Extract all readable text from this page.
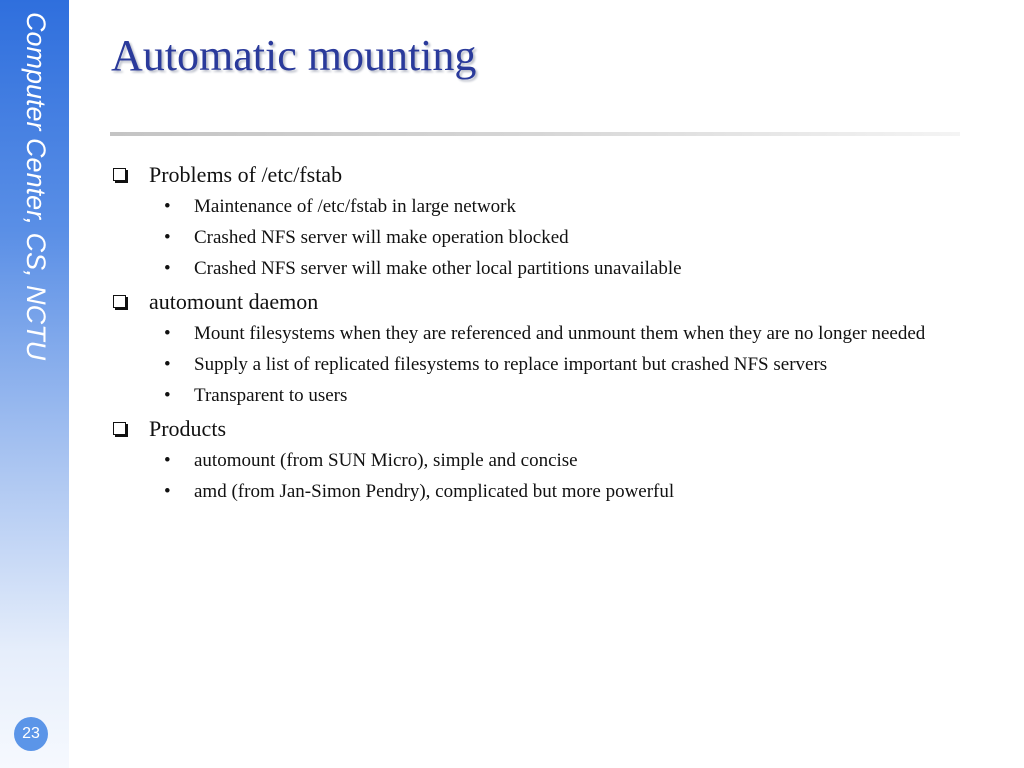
Computer Center, CS, NCTU
23
Automatic mounting
Problems of /etc/fstab
• Maintenance of /etc/fstab in large network
• Crashed NFS server will make operation blocked
• Crashed NFS server will make other local partitions unavailable
automount daemon
• Mount filesystems when they are referenced and unmount them when they are no longer needed
• Supply a list of replicated filesystems to replace important but crashed NFS servers
• Transparent to users
Products
• automount (from SUN Micro), simple and concise
• amd (from Jan-Simon Pendry), complicated but more powerful
